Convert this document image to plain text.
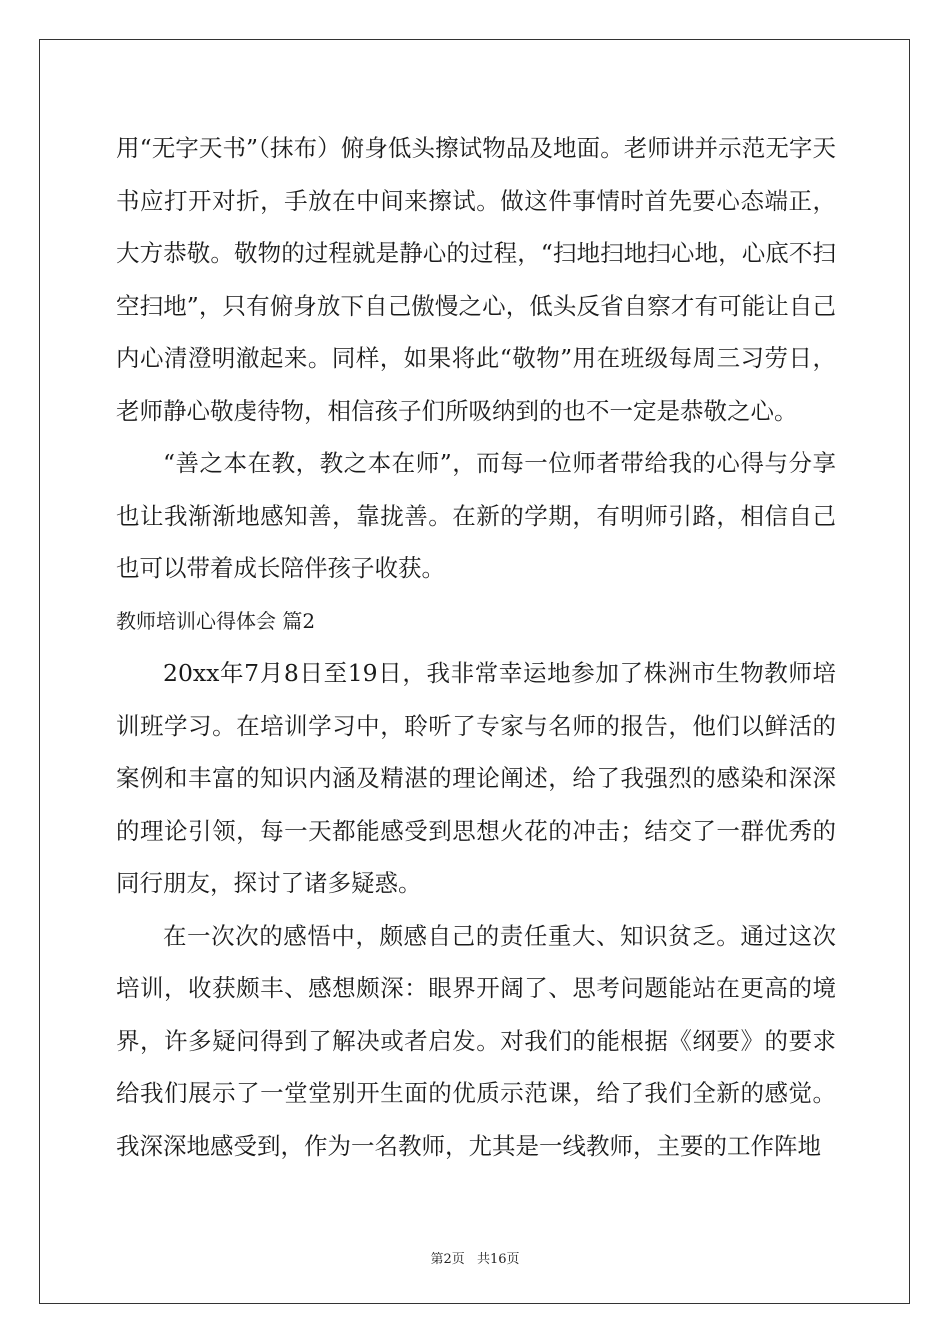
用“无字天书”（抹布）俯身低头擦试物品及地面。老师讲并示范无字天书应打开对折，手放在中间来擦试。做这件事情时首先要心态端正，大方恭敬。敬物的过程就是静心的过程，“扫地扫地扫心地，心底不扫空扫地”，只有俯身放下自己傲慢之心，低头反省自察才有可能让自己内心清澄明澈起来。同样，如果将此“敬物”用在班级每周三习劳日，老师静心敬虔待物，相信孩子们所吸纳到的也不一定是恭敬之心。

“善之本在教，教之本在师”，而每一位师者带给我的心得与分享也让我渐渐地感知善，靠拢善。在新的学期，有明师引路，相信自己也可以带着成长陪伴孩子收获。

教师培训心得体会 篇2

20xx年7月8日至19日，我非常幸运地参加了株洲市生物教师培训班学习。在培训学习中，聆听了专家与名师的报告，他们以鲜活的案例和丰富的知识内涵及精湛的理论阐述，给了我强烈的感染和深深的理论引领，每一天都能感受到思想火花的冲击；结交了一群优秀的同行朋友，探讨了诸多疑惑。

在一次次的感悟中，颇感自己的责任重大、知识贫乏。通过这次培训，收获颇丰、感想颇深：眼界开阔了、思考问题能站在更高的境界，许多疑问得到了解决或者启发。对我们的能根据《纲要》的要求给我们展示了一堂堂别开生面的优质示范课，给了我们全新的感觉。我深深地感受到，作为一名教师，尤其是一线教师，主要的工作阵地

第2页 共16页
